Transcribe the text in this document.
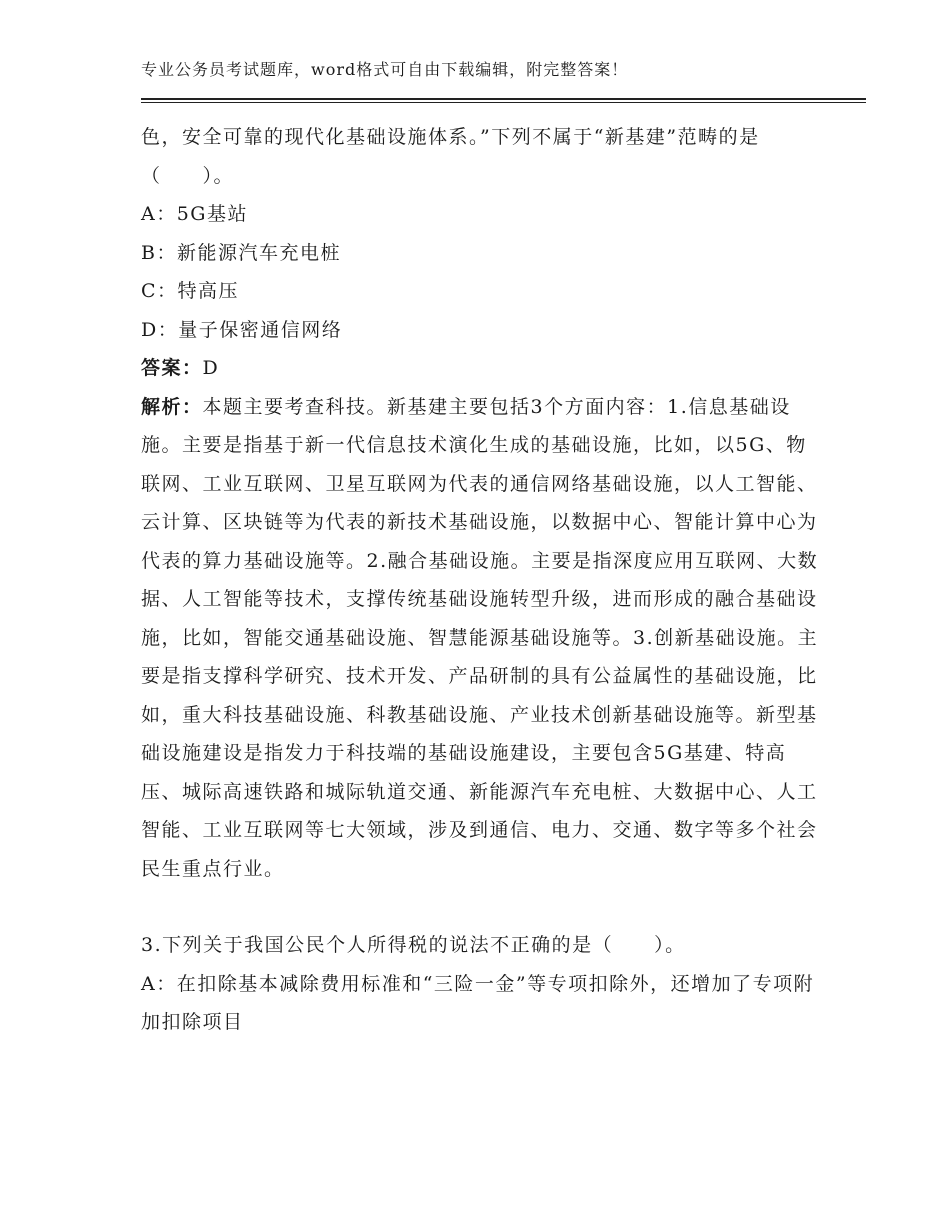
专业公务员考试题库，word格式可自由下载编辑，附完整答案！

色，安全可靠的现代化基础设施体系。”下列不属于“新基建”范畴的是（　　）。

A：5G基站

B：新能源汽车充电桩

C：特高压

D：量子保密通信网络

答案：D

解析：本题主要考查科技。新基建主要包括3个方面内容：1.信息基础设施。主要是指基于新一代信息技术演化生成的基础设施，比如，以5G、物联网、工业互联网、卫星互联网为代表的通信网络基础设施，以人工智能、云计算、区块链等为代表的新技术基础设施，以数据中心、智能计算中心为代表的算力基础设施等。2.融合基础设施。主要是指深度应用互联网、大数据、人工智能等技术，支撑传统基础设施转型升级，进而形成的融合基础设施，比如，智能交通基础设施、智慧能源基础设施等。3.创新基础设施。主要是指支撑科学研究、技术开发、产品研制的具有公益属性的基础设施，比如，重大科技基础设施、科教基础设施、产业技术创新基础设施等。新型基础设施建设是指发力于科技端的基础设施建设，主要包含5G基建、特高压、城际高速铁路和城际轨道交通、新能源汽车充电桩、大数据中心、人工智能、工业互联网等七大领域，涉及到通信、电力、交通、数字等多个社会民生重点行业。

3.下列关于我国公民个人所得税的说法不正确的是（　　）。

A：在扣除基本减除费用标准和“三险一金”等专项扣除外，还增加了专项附加扣除项目
